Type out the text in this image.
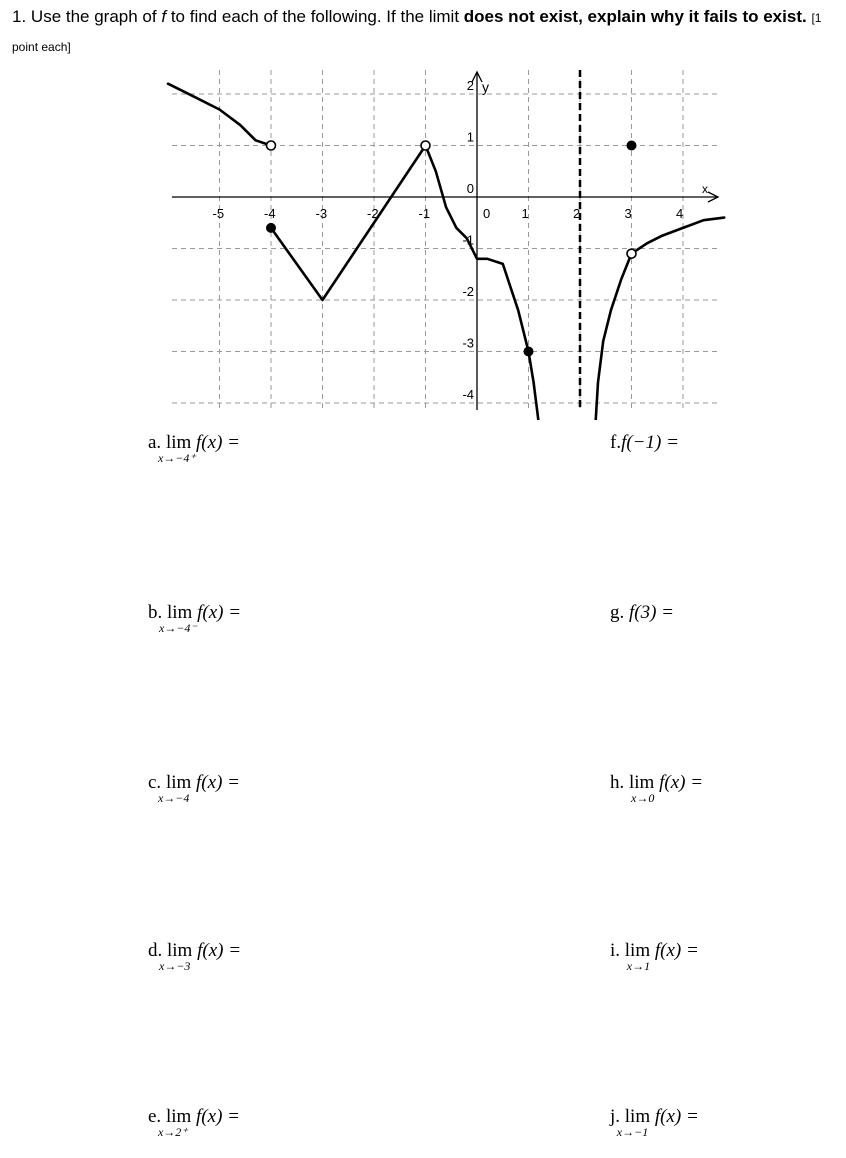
1. Use the graph of f to find each of the following. If the limit does not exist, explain why it fails to exist. [1 point each]
x
y
-5	-4	-3	-2	-1	0 1	2	3	4
2
1
0
-1
-2
-3
-4
a. lim
x→−4⁺
f(x) =
b. lim
x→−4⁻
f(x) =
c. lim
x→−4
f(x) =
d. lim
x→−3
f(x) =
e. lim
x→2⁺
f(x) =
f.f(−1) =
g. f(3) =
h. lim
x→0
f(x) =
i. lim
x→1
f(x) =
j. lim
x→−1
f(x) =
